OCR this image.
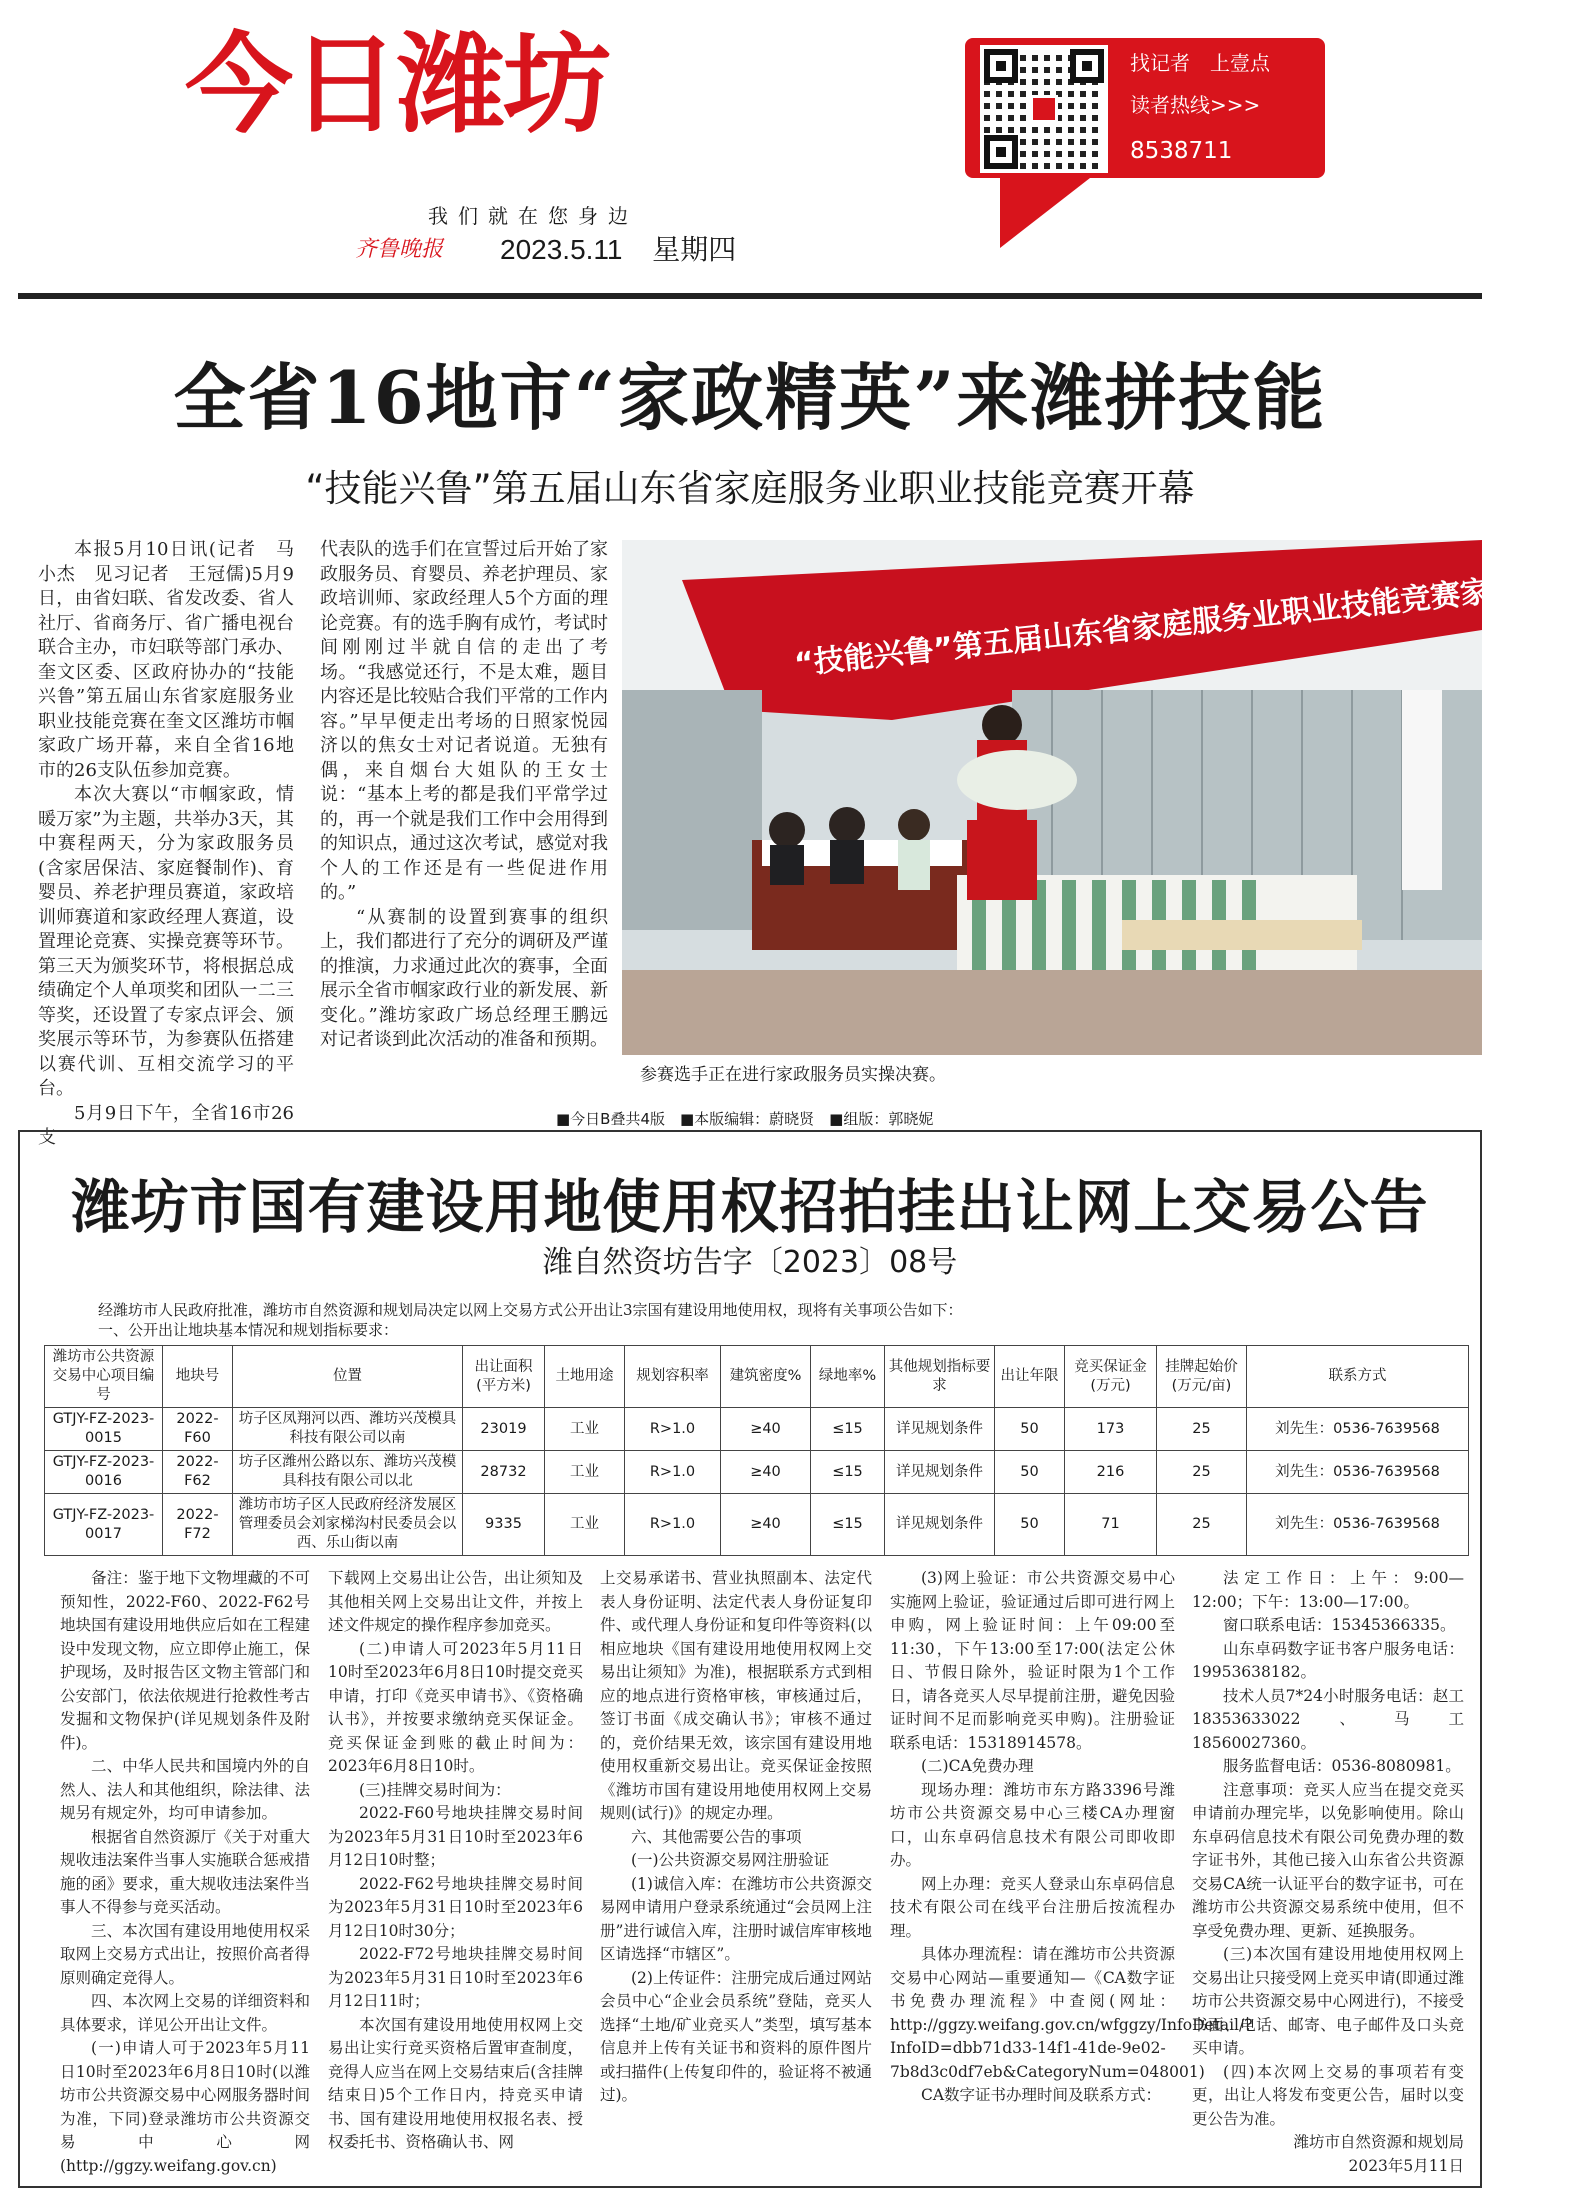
今日潍坊
我们就在您身边
齐鲁晚报 2023.5.11 星期四
找记者　上壹点
读者热线>>>
8538711
全省16地市“家政精英”来潍拼技能
“技能兴鲁”第五届山东省家庭服务业职业技能竞赛开幕

本报5月10日讯(记者　马小杰　见习记者　王冠儒)5月9日，由省妇联、省发改委、省人社厅、省商务厅、省广播电视台联合主办，市妇联等部门承办、奎文区委、区政府协办的“技能兴鲁”第五届山东省家庭服务业职业技能竞赛在奎文区潍坊市帼家政广场开幕，来自全省16地市的26支队伍参加竞赛。

本次大赛以“市帼家政，情暖万家”为主题，共举办3天，其中赛程两天，分为家政服务员(含家居保洁、家庭餐制作)、育婴员、养老护理员赛道，家政培训师赛道和家政经理人赛道，设置理论竞赛、实操竞赛等环节。第三天为颁奖环节，将根据总成绩确定个人单项奖和团队一二三等奖，还设置了专家点评会、颁奖展示等环节，为参赛队伍搭建以赛代训、互相交流学习的平台。

5月9日下午，全省16市26支

代表队的选手们在宣誓过后开始了家政服务员、育婴员、养老护理员、家政培训师、家政经理人5个方面的理论竞赛。有的选手胸有成竹，考试时间刚刚过半就自信的走出了考场。“我感觉还行，不是太难，题目内容还是比较贴合我们平常的工作内容。”早早便走出考场的日照家悦园济以的焦女士对记者说道。无独有偶，来自烟台大姐队的王女士说：“基本上考的都是我们平常学过的，再一个就是我们工作中会用得到的知识点，通过这次考试，感觉对我个人的工作还是有一些促进作用的。”

“从赛制的设置到赛事的组织上，我们都进行了充分的调研及严谨的推演，力求通过此次的赛事，全面展示全省市帼家政行业的新发展、新变化。”潍坊家政广场总经理王鹏远对记者谈到此次活动的准备和预期。

“技能兴鲁”第五届山东省家庭服务业职业技能竞赛家政服务
参赛选手正在进行家政服务员实操决赛。
■今日B叠共4版　■本版编辑：蔚晓贤　■组版：郭晓妮
潍坊市国有建设用地使用权招拍挂出让网上交易公告
潍自然资坊告字〔2023〕08号
经潍坊市人民政府批准，潍坊市自然资源和规划局决定以网上交易方式公开出让3宗国有建设用地使用权，现将有关事项公告如下：
一、公开出让地块基本情况和规划指标要求：
潍坊市公共资源交易中心项目编号	地块号	位置	出让面积(平方米)	土地用途	规划容积率	建筑密度%	绿地率%	其他规划指标要求	出让年限	竞买保证金(万元)	挂牌起始价(万元/亩)	联系方式
GTJY-FZ-2023-0015	2022-F60	坊子区凤翔河以西、潍坊兴茂模具科技有限公司以南	23019	工业	R>1.0	≥40	≤15	详见规划条件	50	173	25	刘先生：0536-7639568
GTJY-FZ-2023-0016	2022-F62	坊子区潍州公路以东、潍坊兴茂模具科技有限公司以北	28732	工业	R>1.0	≥40	≤15	详见规划条件	50	216	25	刘先生：0536-7639568
GTJY-FZ-2023-0017	2022-F72	潍坊市坊子区人民政府经济发展区管理委员会刘家梯沟村民委员会以西、乐山街以南	9335	工业	R>1.0	≥40	≤15	详见规划条件	50	71	25	刘先生：0536-7639568

备注：鉴于地下文物埋藏的不可预知性，2022-F60、2022-F62号地块国有建设用地供应后如在工程建设中发现文物，应立即停止施工，保护现场，及时报告区文物主管部门和公安部门，依法依规进行抢救性考古发掘和文物保护(详见规划条件及附件)。

二、中华人民共和国境内外的自然人、法人和其他组织，除法律、法规另有规定外，均可申请参加。

根据省自然资源厅《关于对重大规收违法案件当事人实施联合惩戒措施的函》要求，重大规收违法案件当事人不得参与竞买活动。

三、本次国有建设用地使用权采取网上交易方式出让，按照价高者得原则确定竞得人。

四、本次网上交易的详细资料和具体要求，详见公开出让文件。

(一)申请人可于2023年5月11日10时至2023年6月8日10时(以潍坊市公共资源交易中心网服务器时间为准，下同)登录潍坊市公共资源交易中心网(http://ggzy.weifang.gov.cn)

下载网上交易出让公告，出让须知及其他相关网上交易出让文件，并按上述文件规定的操作程序参加竞买。

(二)申请人可2023年5月11日10时至2023年6月8日10时提交竞买申请，打印《竞买申请书》、《资格确认书》，并按要求缴纳竞买保证金。竞买保证金到账的截止时间为：2023年6月8日10时。

(三)挂牌交易时间为：

2022-F60号地块挂牌交易时间为2023年5月31日10时至2023年6月12日10时整；

2022-F62号地块挂牌交易时间为2023年5月31日10时至2023年6月12日10时30分；

2022-F72号地块挂牌交易时间为2023年5月31日10时至2023年6月12日11时；

本次国有建设用地使用权网上交易出让实行竞买资格后置审查制度，竞得人应当在网上交易结束后(含挂牌结束日)5个工作日内，持竞买申请书、国有建设用地使用权报名表、授权委托书、资格确认书、网

上交易承诺书、营业执照副本、法定代表人身份证明、法定代表人身份证复印件、或代理人身份证和复印件等资料(以相应地块《国有建设用地使用权网上交易出让须知》为准)，根据联系方式到相应的地点进行资格审核，审核通过后，签订书面《成交确认书》；审核不通过的，竞价结果无效，该宗国有建设用地使用权重新交易出让。竞买保证金按照《潍坊市国有建设用地使用权网上交易规则(试行)》的规定办理。

六、其他需要公告的事项

(一)公共资源交易网注册验证

(1)诚信入库：在潍坊市公共资源交易网申请用户登录系统通过“会员网上注册”进行诚信入库，注册时诚信库审核地区请选择“市辖区”。

(2)上传证件：注册完成后通过网站会员中心“企业会员系统”登陆，竞买人选择“土地/矿业竞买人”类型，填写基本信息并上传有关证书和资料的原件图片或扫描件(上传复印件的，验证将不被通过)。

(3)网上验证：市公共资源交易中心实施网上验证，验证通过后即可进行网上申购，网上验证时间：上午09:00至11:30，下午13:00至17:00(法定公休日、节假日除外，验证时限为1个工作日，请各竞买人尽早提前注册，避免因验证时间不足而影响竞买申购)。注册验证联系电话：15318914578。

(二)CA免费办理

现场办理：潍坊市东方路3396号潍坊市公共资源交易中心三楼CA办理窗口，山东卓码信息技术有限公司即收即办。

网上办理：竞买人登录山东卓码信息技术有限公司在线平台注册后按流程办理。

具体办理流程：请在潍坊市公共资源交易中心网站—重要通知—《CA数字证书免费办理流程》中查阅(网址：http://ggzy.weifang.gov.cn/wfggzy/InfoDetail/?InfoID=dbb71d33-14f1-41de-9e02-7b8d3c0df7eb&CategoryNum=048001)

CA数字证书办理时间及联系方式：

法定工作日：上午：9:00—12:00；下午：13:00—17:00。

窗口联系电话：15345366335。

山东卓码数字证书客户服务电话：19953638182。

技术人员7*24小时服务电话：赵工18353633022、马工18560027360。

服务监督电话：0536-8080981。

注意事项：竞买人应当在提交竞买申请前办理完毕，以免影响使用。除山东卓码信息技术有限公司免费办理的数字证书外，其他已接入山东省公共资源交易CA统一认证平台的数字证书，可在潍坊市公共资源交易系统中使用，但不享受免费办理、更新、延换服务。

(三)本次国有建设用地使用权网上交易出让只接受网上竞买申请(即通过潍坊市公共资源交易中心网进行)，不接受书面、电话、邮寄、电子邮件及口头竞买申请。

(四)本次网上交易的事项若有变更，出让人将发布变更公告，届时以变更公告为准。

潍坊市自然资源和规划局

2023年5月11日
